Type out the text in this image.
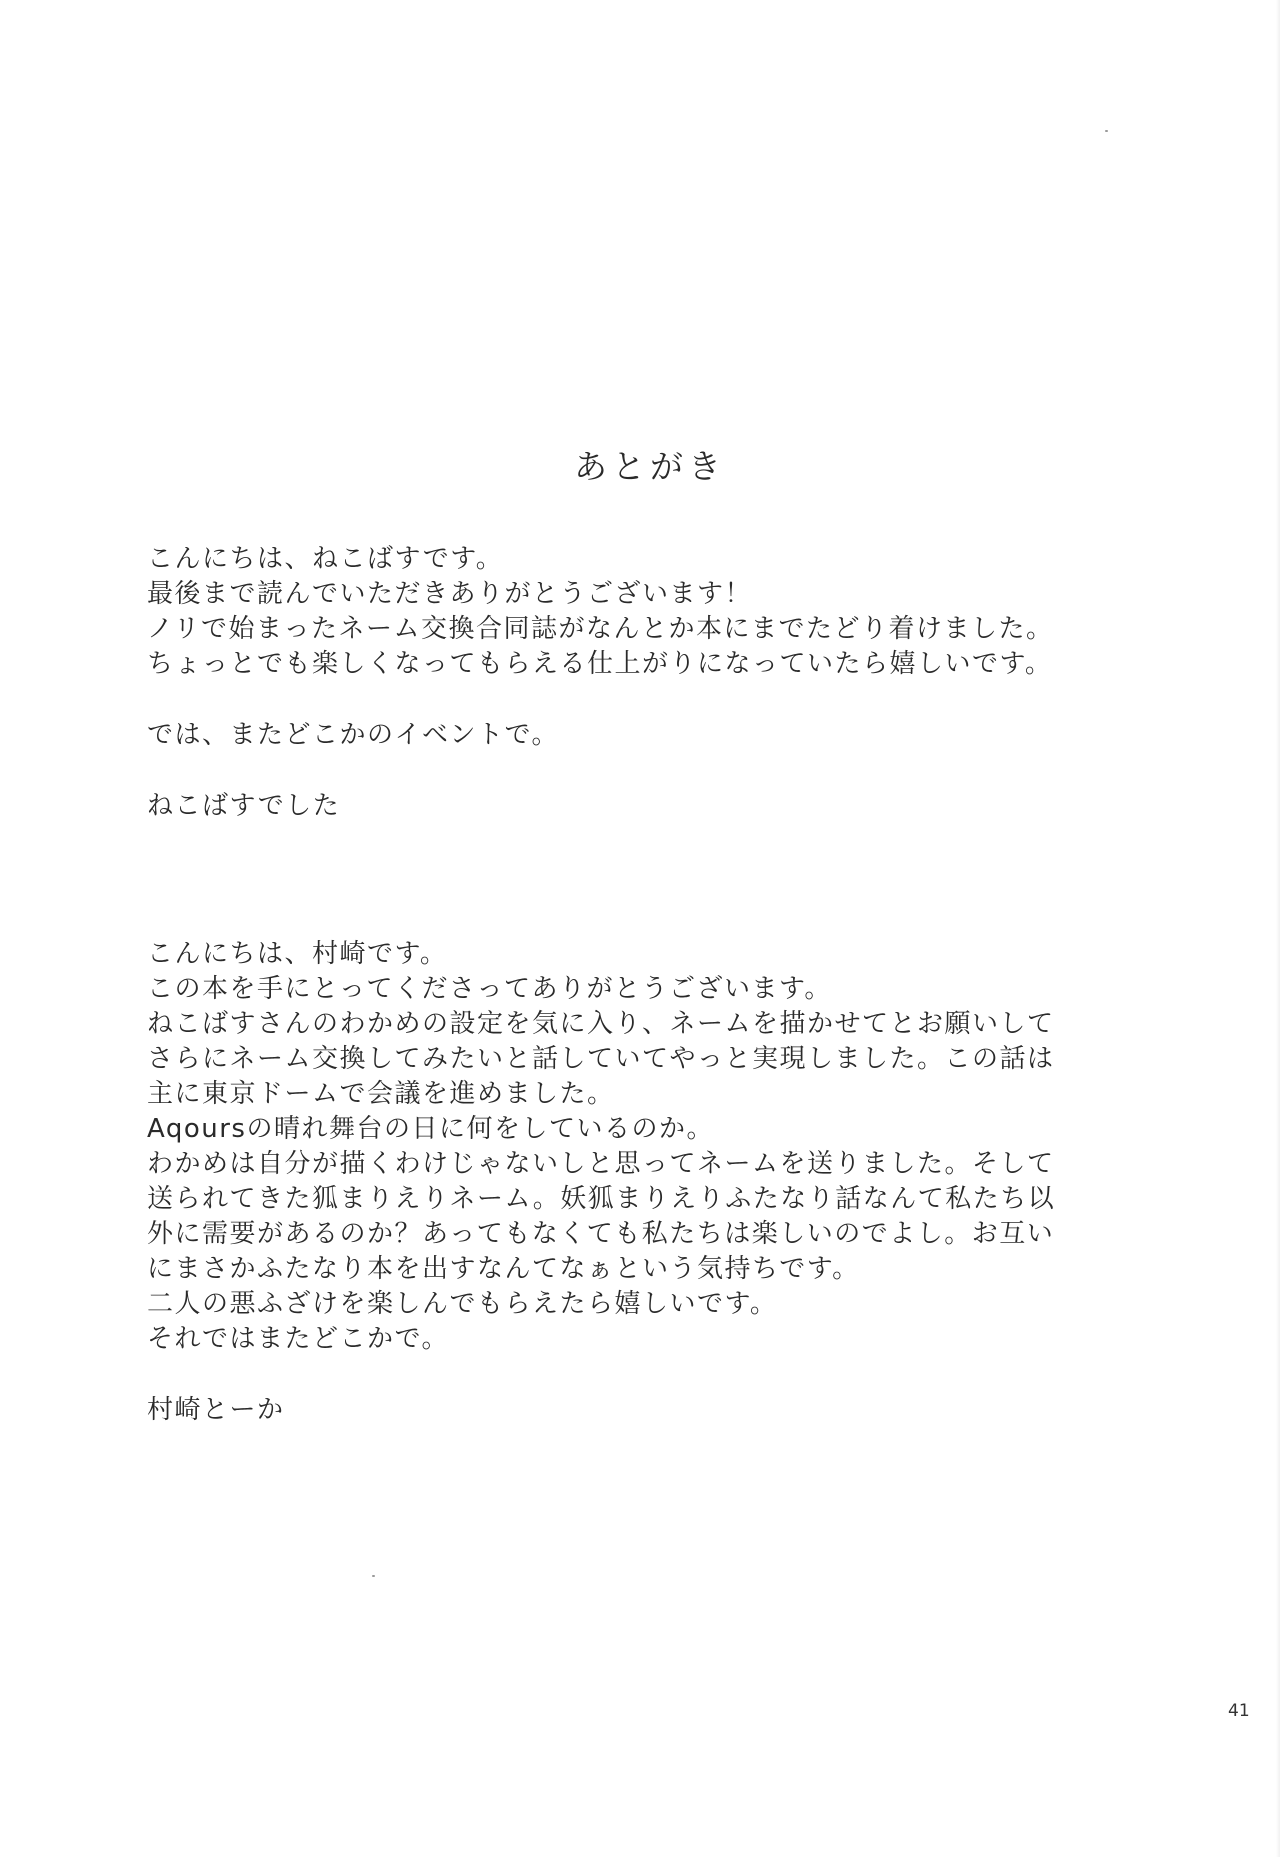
あとがき
こんにちは、ねこばすです。
最後まで読んでいただきありがとうございます！
ノリで始まったネーム交換合同誌がなんとか本にまでたどり着けました。
ちょっとでも楽しくなってもらえる仕上がりになっていたら嬉しいです。
では、またどこかのイベントで。
ねこばすでした
こんにちは、村崎です。
この本を手にとってくださってありがとうございます。
ねこばすさんのわかめの設定を気に入り、ネームを描かせてとお願いして
さらにネーム交換してみたいと話していてやっと実現しました。この話は
主に東京ドームで会議を進めました。
Aqoursの晴れ舞台の日に何をしているのか。
わかめは自分が描くわけじゃないしと思ってネームを送りました。そして
送られてきた狐まりえりネーム。妖狐まりえりふたなり話なんて私たち以
外に需要があるのか？あってもなくても私たちは楽しいのでよし。お互い
にまさかふたなり本を出すなんてなぁという気持ちです。
二人の悪ふざけを楽しんでもらえたら嬉しいです。
それではまたどこかで。
村崎とーか
41
